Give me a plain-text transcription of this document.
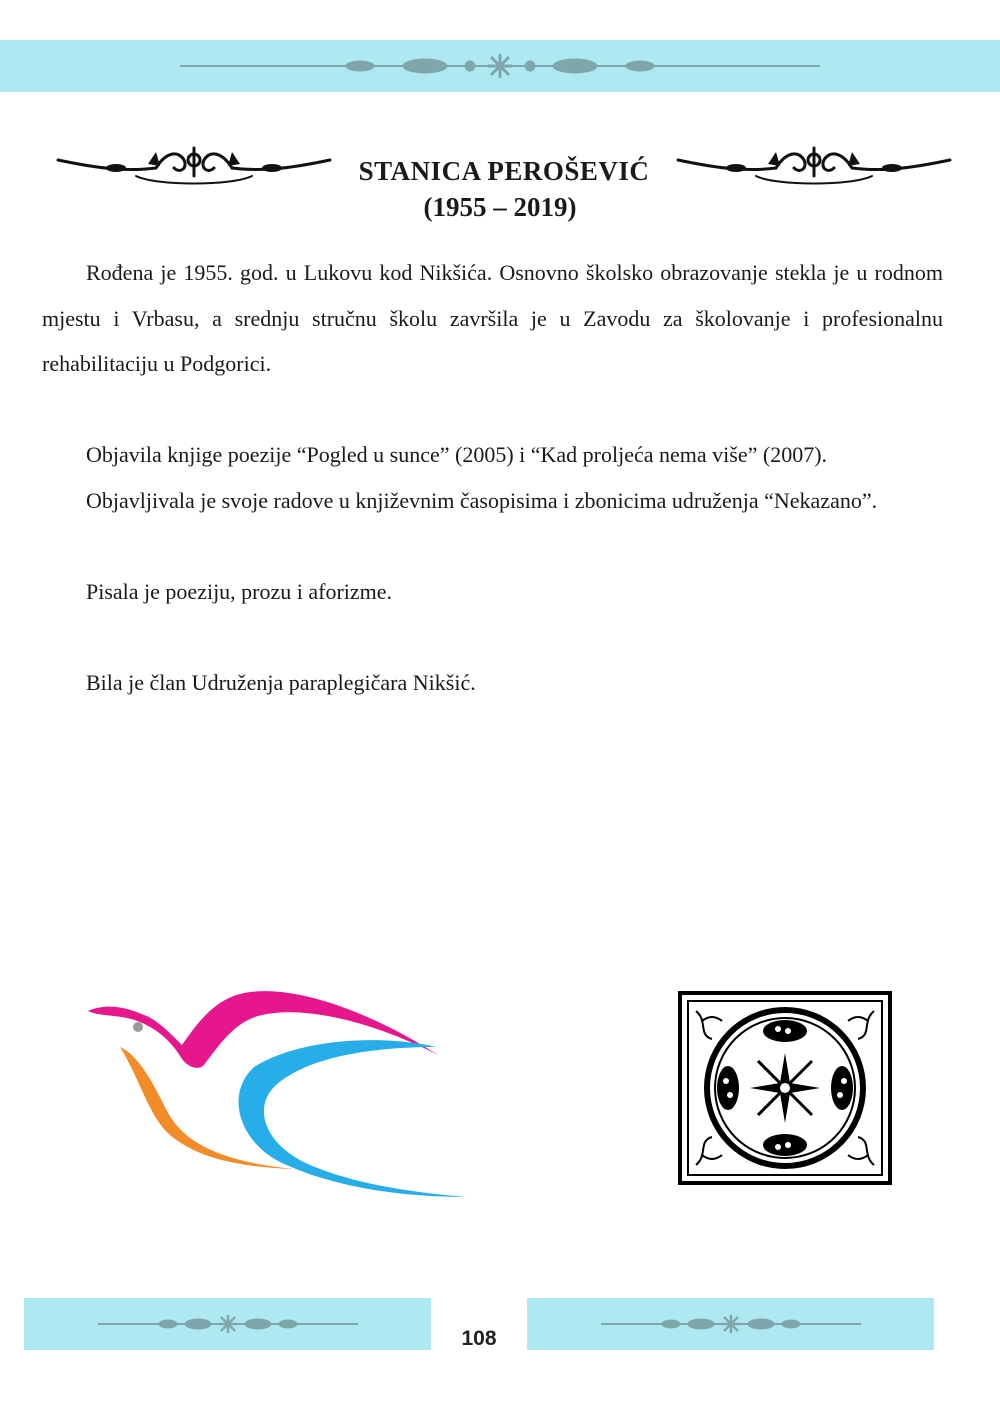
STANICA PEROŠEVIĆ
(1955 – 2019)

Rođena je 1955. god. u Lukovu kod Nikšića. Osnovno školsko obrazovanje stekla je u rodnom mjestu i Vrbasu, a srednju stručnu školu završila je u Zavodu za školovanje i profesionalnu rehabilitaciju u Podgorici.

Objavila knjige poezije “Pogled u sunce” (2005) i “Kad proljeća nema više” (2007).

Objavljivala je svoje radove u književnim časopisima i zbonicima udruženja “Nekazano”.

Pisala je poeziju, prozu i aforizme.

Bila je član Udruženja paraplegičara Nikšić.

108
